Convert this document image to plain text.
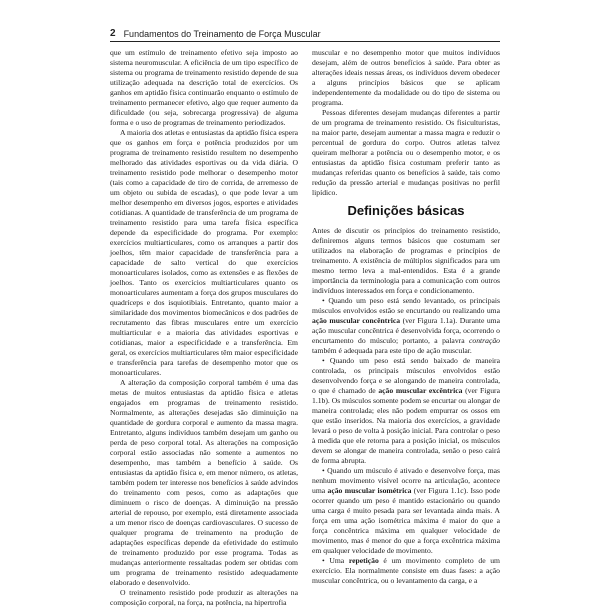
2 Fundamentos do Treinamento de Força Muscular

que um estímulo de treinamento efetivo seja imposto ao sistema neuromuscular. A eficiência de um tipo específico de sistema ou programa de treinamento resistido depende de sua utilização adequada na descrição total de exercícios. Os ganhos em aptidão física continuarão enquanto o estímulo de treinamento permanecer efetivo, algo que requer aumento da dificuldade (ou seja, sobrecarga progressiva) de alguma forma e o uso de programas de treinamento periodizados.

A maioria dos atletas e entusiastas da aptidão física espera que os ganhos em força e potência produzidos por um programa de treinamento resistido resultem no desempenho melhorado das atividades esportivas ou da vida diária. O treinamento resistido pode melhorar o desempenho motor (tais como a capacidade de tiro de corrida, de arremesso de um objeto ou subida de escadas), o que pode levar a um melhor desempenho em diversos jogos, esportes e atividades cotidianas. A quantidade de transferência de um programa de treinamento resistido para uma tarefa física específica depende da especificidade do programa. Por exemplo: exercícios multiarticulares, como os arranques a partir dos joelhos, têm maior capacidade de transferência para a capacidade de salto vertical do que exercícios monoarticulares isolados, como as extensões e as flexões de joelhos. Tanto os exercícios multiarticulares quanto os monoarticulares aumentam a força dos grupos musculares do quadríceps e dos isquiotibiais. Entretanto, quanto maior a similaridade dos movimentos biomecânicos e dos padrões de recrutamento das fibras musculares entre um exercício multiarticular e a maioria das atividades esportivas e cotidianas, maior a especificidade e a transferência. Em geral, os exercícios multiarticulares têm maior especificidade e transferência para tarefas de desempenho motor que os monoarticulares.

A alteração da composição corporal também é uma das metas de muitos entusiastas da aptidão física e atletas engajados em programas de treinamento resistido. Normalmente, as alterações desejadas são diminuição na quantidade de gordura corporal e aumento da massa magra. Entretanto, alguns indivíduos também desejam um ganho ou perda de peso corporal total. As alterações na composição corporal estão associadas não somente a aumentos no desempenho, mas também a benefício à saúde. Os entusiastas da aptidão física e, em menor número, os atletas, também podem ter interesse nos benefícios à saúde advindos do treinamento com pesos, como as adaptações que diminuem o risco de doenças. A diminuição na pressão arterial de repouso, por exemplo, está diretamente associada a um menor risco de doenças cardiovasculares. O sucesso de qualquer programa de treinamento na produção de adaptações específicas depende da efetividade do estímulo de treinamento produzido por esse programa. Todas as mudanças anteriormente ressaltadas podem ser obtidas com um programa de treinamento resistido adequadamente elaborado e desenvolvido.

O treinamento resistido pode produzir as alterações na composição corporal, na força, na potência, na hipertrofia

muscular e no desempenho motor que muitos indivíduos desejam, além de outros benefícios à saúde. Para obter as alterações ideais nessas áreas, os indivíduos devem obedecer a alguns princípios básicos que se aplicam independentemente da modalidade ou do tipo de sistema ou programa.

Pessoas diferentes desejam mudanças diferentes a partir de um programa de treinamento resistido. Os fisiculturistas, na maior parte, desejam aumentar a massa magra e reduzir o percentual de gordura do corpo. Outros atletas talvez queiram melhorar a potência ou o desempenho motor, e os entusiastas da aptidão física costumam preferir tanto as mudanças referidas quanto os benefícios à saúde, tais como redução da pressão arterial e mudanças positivas no perfil lipídico.

Definições básicas

Antes de discutir os princípios do treinamento resistido, definiremos alguns termos básicos que costumam ser utilizados na elaboração de programas e princípios de treinamento. A existência de múltiplos significados para um mesmo termo leva a mal-entendidos. Esta é a grande importância da terminologia para a comunicação com outros indivíduos interessados em força e condicionamento.

• Quando um peso está sendo levantado, os principais músculos envolvidos estão se encurtando ou realizando uma ação muscular concêntrica (ver Figura 1.1a). Durante uma ação muscular concêntrica é desenvolvida força, ocorrendo o encurtamento do músculo; portanto, a palavra contração também é adequada para este tipo de ação muscular.

• Quando um peso está sendo baixado de maneira controlada, os principais músculos envolvidos estão desenvolvendo força e se alongando de maneira controlada, o que é chamado de ação muscular excêntrica (ver Figura 1.1b). Os músculos somente podem se encurtar ou alongar de maneira controlada; eles não podem empurrar os ossos em que estão inseridos. Na maioria dos exercícios, a gravidade levará o peso de volta à posição inicial. Para controlar o peso à medida que ele retorna para a posição inicial, os músculos devem se alongar de maneira controlada, senão o peso cairá de forma abrupta.

• Quando um músculo é ativado e desenvolve força, mas nenhum movimento visível ocorre na articulação, acontece uma ação muscular isométrica (ver Figura 1.1c). Isso pode ocorrer quando um peso é mantido estacionário ou quando uma carga é muito pesada para ser levantada ainda mais. A força em uma ação isométrica máxima é maior do que a força concêntrica máxima em qualquer velocidade de movimento, mas é menor do que a força excêntrica máxima em qualquer velocidade de movimento.

• Uma repetição é um movimento completo de um exercício. Ela normalmente consiste em duas fases: a ação muscular concêntrica, ou o levantamento da carga, e a
